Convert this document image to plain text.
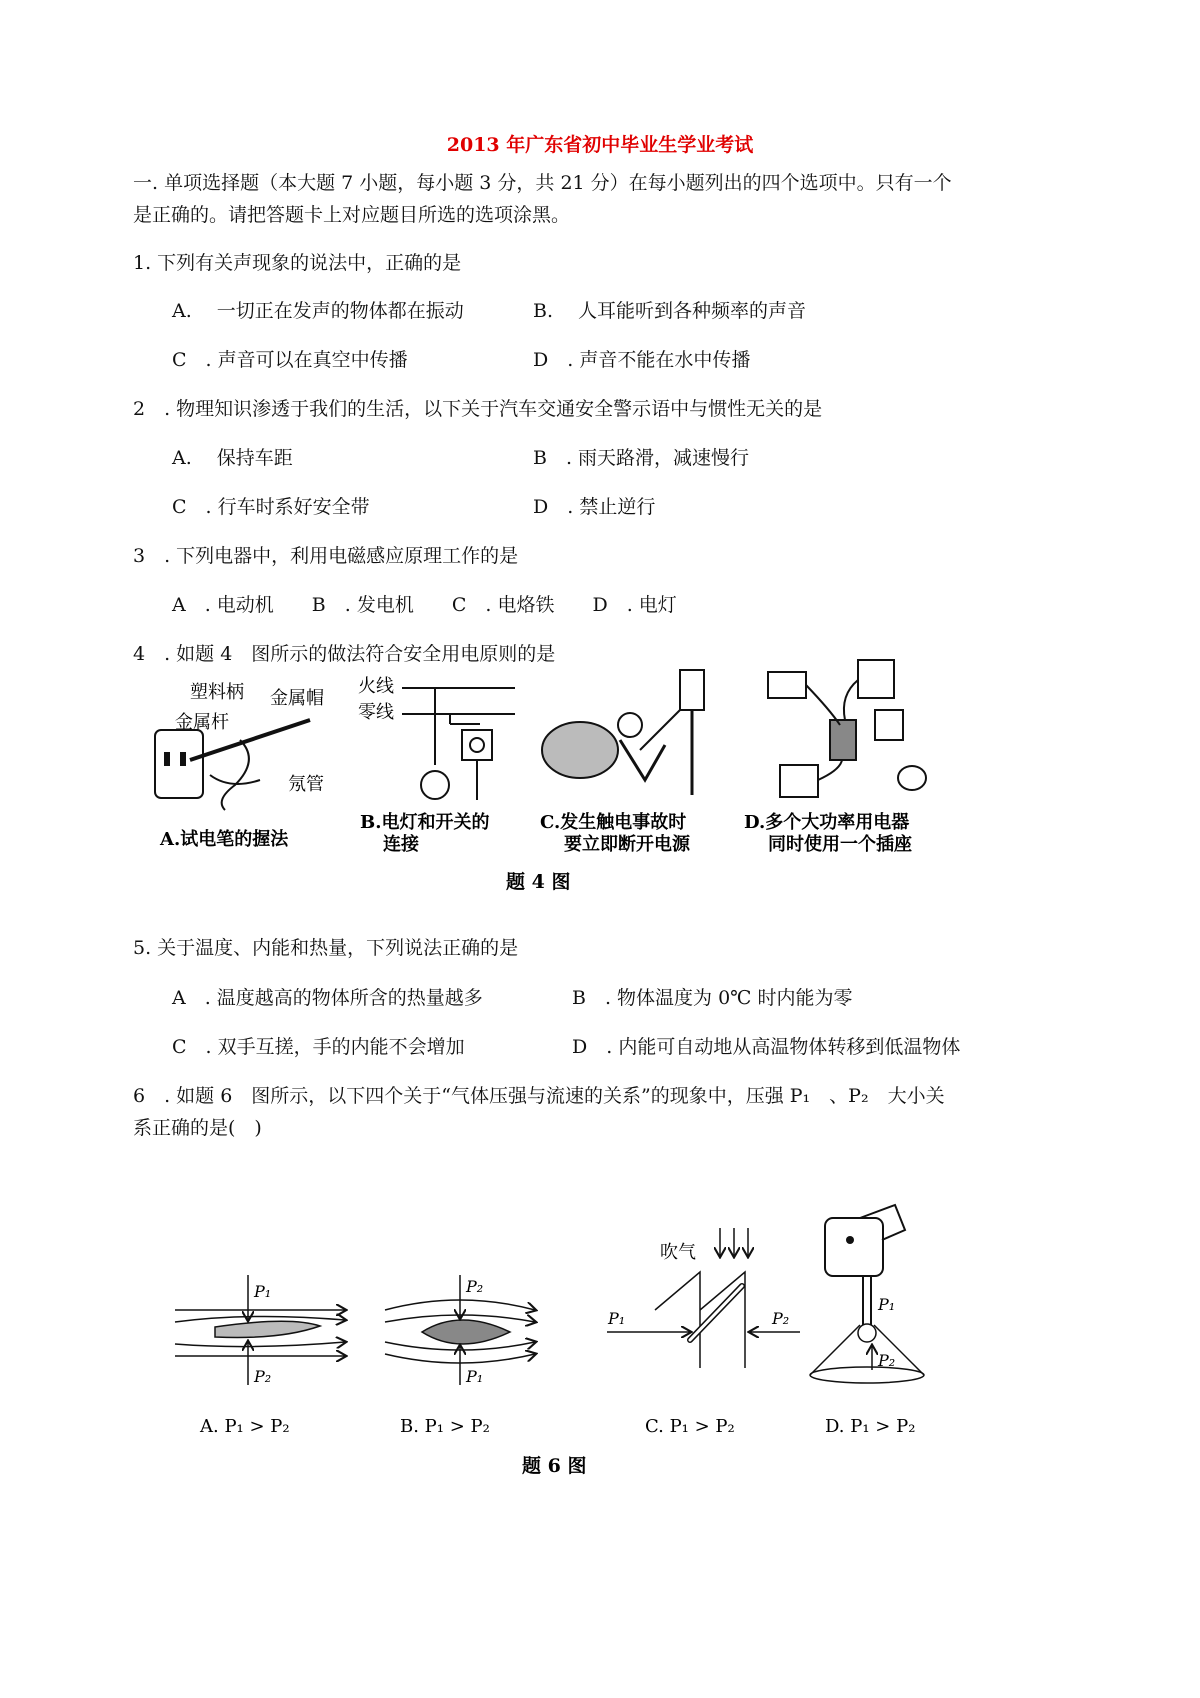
2013 年广东省初中毕业生学业考试
一. 单项选择题（本大题 7 小题，每小题 3 分，共 21 分）在每小题列出的四个选项中。只有一个
是正确的。请把答题卡上对应题目所选的选项涂黑。
1. 下列有关声现象的说法中，正确的是
A.　 一切正在发声的物体都在振动	B.　 人耳能听到各种频率的声音
C　. 声音可以在真空中传播	D　. 声音不能在水中传播
2　. 物理知识渗透于我们的生活，以下关于汽车交通安全警示语中与惯性无关的是
A.　 保持车距	B　. 雨天路滑，减速慢行
C　. 行车时系好安全带	D　. 禁止逆行
3　. 下列电器中，利用电磁感应原理工作的是
A　. 电动机　　B　. 发电机　　C　. 电烙铁　　D　. 电灯
4　. 如题 4　图所示的做法符合安全用电原则的是
塑料柄 金属帽
金属杆
氖管
A.试电笔的握法
火线
零线
B.电灯和开关的
连接
C.发生触电事故时
要立即断开电源
D.多个大功率用电器
同时使用一个插座
题 4 图
5. 关于温度、内能和热量，下列说法正确的是
A　. 温度越高的物体所含的热量越多	B　. 物体温度为 0℃ 时内能为零
C　. 双手互搓，手的内能不会增加	D　. 内能可自动地从高温物体转移到低温物体
6　. 如题 6　图所示，以下四个关于“气体压强与流速的关系”的现象中，压强 P₁　、P₂　大小关
系正确的是(　)
P₁
P₂
A. P₁ > P₂
P₂
P₁
B. P₁ > P₂
吹气
P₁	P₂
C. P₁ > P₂
P₁
P₂
D. P₁ > P₂
题 6 图
